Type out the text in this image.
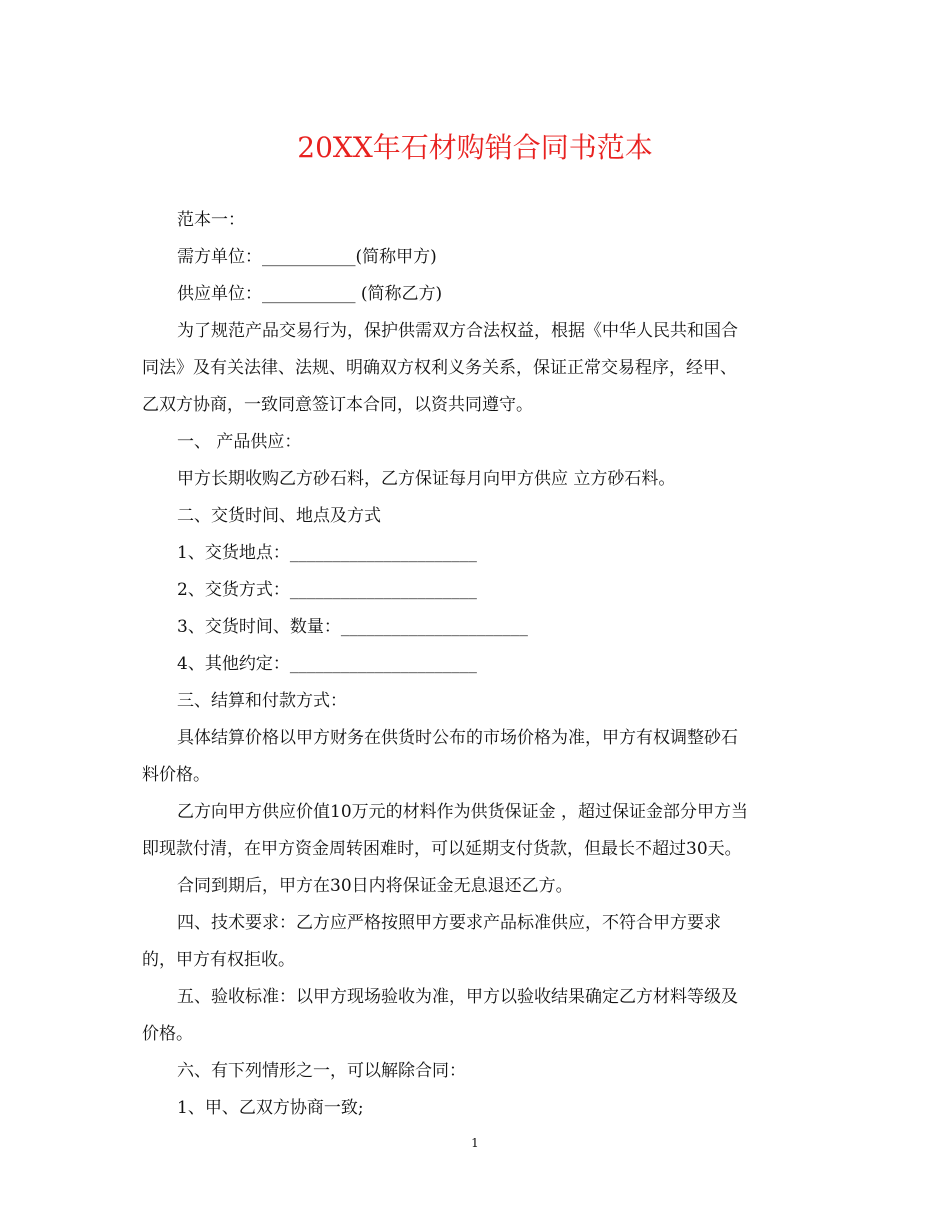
20XX年石材购销合同书范本

范本一：

需方单位：___________(简称甲方)

供应单位：___________ (简称乙方)

为了规范产品交易行为，保护供需双方合法权益，根据《中华人民共和国合

同法》及有关法律、法规、明确双方权利义务关系，保证正常交易程序，经甲、

乙双方协商，一致同意签订本合同，以资共同遵守。

一、 产品供应：

甲方长期收购乙方砂石料，乙方保证每月向甲方供应 立方砂石料。

二、交货时间、地点及方式

1、交货地点：______________________

2、交货方式：______________________

3、交货时间、数量：______________________

4、其他约定：______________________

三、结算和付款方式：

具体结算价格以甲方财务在供货时公布的市场价格为准，甲方有权调整砂石

料价格。

乙方向甲方供应价值10万元的材料作为供货保证金 ，超过保证金部分甲方当

即现款付清，在甲方资金周转困难时，可以延期支付货款，但最长不超过30天。

合同到期后，甲方在30日内将保证金无息退还乙方。

四、技术要求：乙方应严格按照甲方要求产品标准供应，不符合甲方要求

的，甲方有权拒收。

五、验收标准：以甲方现场验收为准，甲方以验收结果确定乙方材料等级及

价格。

六、有下列情形之一，可以解除合同：

1、甲、乙双方协商一致;

1
